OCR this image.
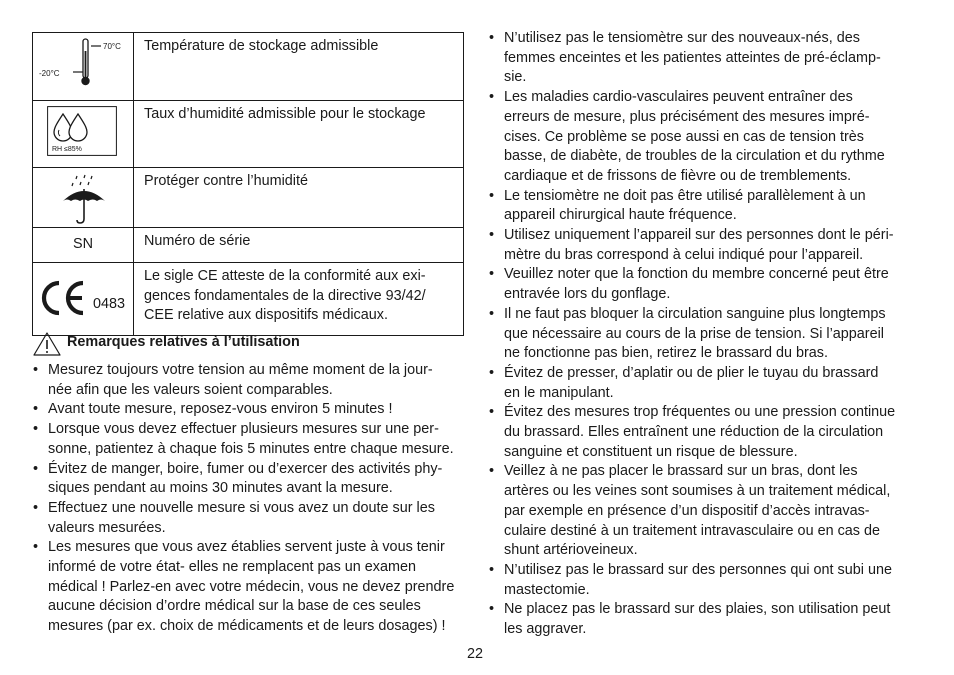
70°C
-20°C	Température de stockage admissible

RH ≤85%	Taux d’humidité admissible pour le stockage

	Protéger contre l’humidité
SN	Numéro de série

0483	Le sigle CE atteste de la conformité aux exi-
gences fondamentales de la directive 93/42/
CEE relative aux dispositifs médicaux.
Remarques relatives à l’utilisation
• Mesurez toujours votre tension au même moment de la jour-
née afin que les valeurs soient comparables.
• Avant toute mesure, reposez-vous environ 5 minutes !
• Lorsque vous devez effectuer plusieurs mesures sur une per-
sonne, patientez à chaque fois 5 minutes entre chaque mesure.
• Évitez de manger, boire, fumer ou d’exercer des activités phy-
siques pendant au moins 30 minutes avant la mesure.
• Effectuez une nouvelle mesure si vous avez un doute sur les
valeurs mesurées.
• Les mesures que vous avez établies servent juste à vous tenir
informé de votre état- elles ne remplacent pas un examen
médical ! Parlez-en avec votre médecin, vous ne devez prendre
aucune décision d’ordre médical sur la base de ces seules
mesures (par ex. choix de médicaments et de leurs dosages) !
• N’utilisez pas le tensiomètre sur des nouveaux-nés, des
femmes enceintes et les patientes atteintes de pré-éclamp-
sie.
• Les maladies cardio-vasculaires peuvent entraîner des
erreurs de mesure, plus précisément des mesures impré-
cises. Ce problème se pose aussi en cas de tension très
basse, de diabète, de troubles de la circulation et du rythme
cardiaque et de frissons de fièvre ou de tremblements.
• Le tensiomètre ne doit pas être utilisé parallèlement à un
appareil chirurgical haute fréquence.
• Utilisez uniquement l’appareil sur des personnes dont le péri-
mètre du bras correspond à celui indiqué pour l’appareil.
• Veuillez noter que la fonction du membre concerné peut être
entravée lors du gonflage.
• Il ne faut pas bloquer la circulation sanguine plus longtemps
que nécessaire au cours de la prise de tension. Si l’appareil
ne fonctionne pas bien, retirez le brassard du bras.
• Évitez de presser, d’aplatir ou de plier le tuyau du brassard
en le manipulant.
• Évitez des mesures trop fréquentes ou une pression continue
du brassard. Elles entraînent une réduction de la circulation
sanguine et constituent un risque de blessure.
• Veillez à ne pas placer le brassard sur un bras, dont les
artères ou les veines sont soumises à un traitement médical,
par exemple en présence d’un dispositif d’accès intravas-
culaire destiné à un traitement intravasculaire ou en cas de
shunt artérioveineux.
• N’utilisez pas le brassard sur des personnes qui ont subi une
mastectomie.
• Ne placez pas le brassard sur des plaies, son utilisation peut
les aggraver.
22
